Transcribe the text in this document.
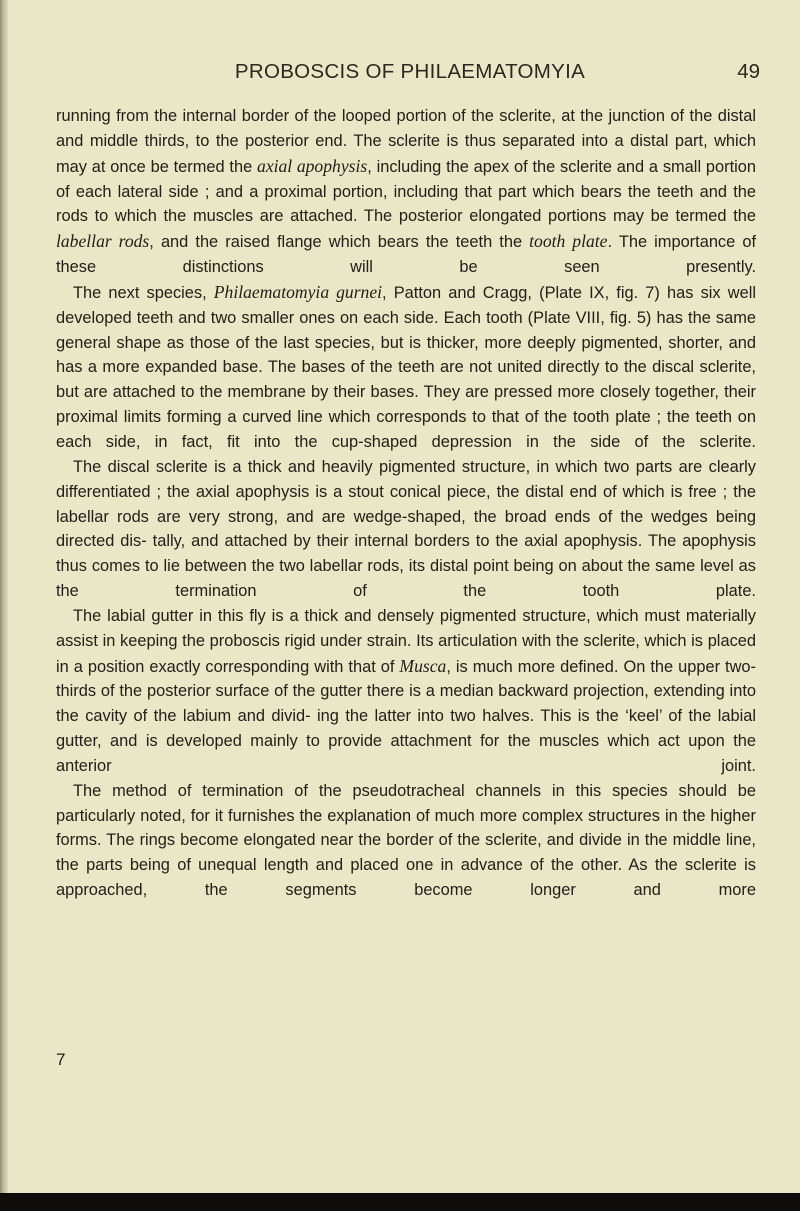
PROBOSCIS OF PHILAEMATOMYIA	49

running from the internal border of the looped portion of the sclerite, at the junction of the distal and middle thirds, to the posterior end. The sclerite is thus separated into a distal part, which may at once be termed the axial apophysis, including the apex of the sclerite and a small portion of each lateral side ; and a proximal portion, including that part which bears the teeth and the rods to which the muscles are attached. The posterior elongated portions may be termed the labellar rods, and the raised flange which bears the teeth the tooth plate. The importance of these distinctions will be seen presently.

The next species, Philaematomyia gurnei, Patton and Cragg, (Plate IX, fig. 7) has six well developed teeth and two smaller ones on each side. Each tooth (Plate VIII, fig. 5) has the same general shape as those of the last species, but is thicker, more deeply pigmented, shorter, and has a more expanded base. The bases of the teeth are not united directly to the discal sclerite, but are attached to the membrane by their bases. They are pressed more closely together, their proximal limits forming a curved line which corresponds to that of the tooth plate ; the teeth on each side, in fact, fit into the cup-shaped depression in the side of the sclerite.

The discal sclerite is a thick and heavily pigmented structure, in which two parts are clearly differentiated ; the axial apophysis is a stout conical piece, the distal end of which is free ; the labellar rods are very strong, and are wedge-shaped, the broad ends of the wedges being directed dis- tally, and attached by their internal borders to the axial apophysis. The apophysis thus comes to lie between the two labellar rods, its distal point being on about the same level as the termination of the tooth plate.

The labial gutter in this fly is a thick and densely pigmented structure, which must materially assist in keeping the proboscis rigid under strain. Its articulation with the sclerite, which is placed in a position exactly corresponding with that of Musca, is much more defined. On the upper two-thirds of the posterior surface of the gutter there is a median backward projection, extending into the cavity of the labium and divid- ing the latter into two halves. This is the ‘keel’ of the labial gutter, and is developed mainly to provide attachment for the muscles which act upon the anterior joint.

The method of termination of the pseudotracheal channels in this species should be particularly noted, for it furnishes the explanation of much more complex structures in the higher forms. The rings become elongated near the border of the sclerite, and divide in the middle line, the parts being of unequal length and placed one in advance of the other. As the sclerite is approached, the segments become longer and more

7
